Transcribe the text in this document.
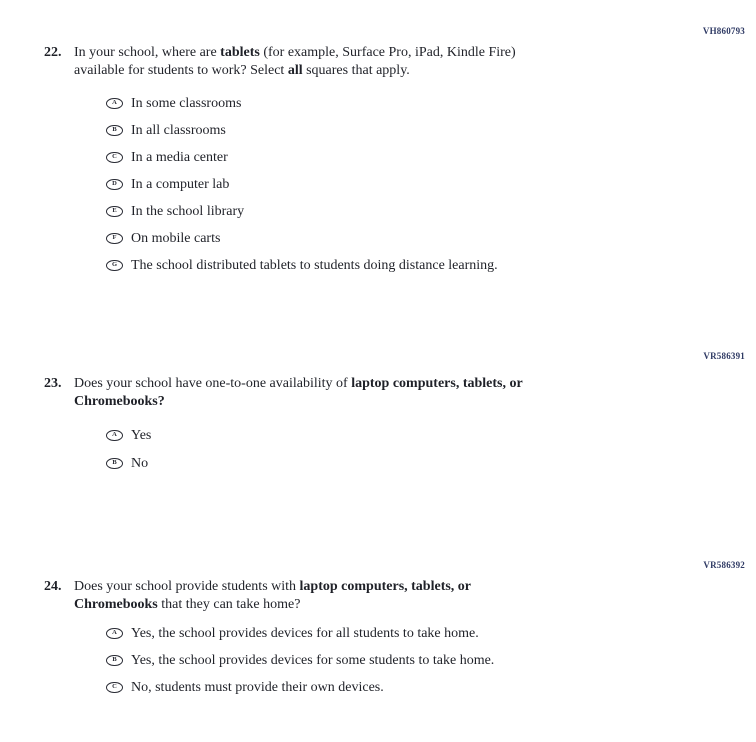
VH860793
22. In your school, where are tablets (for example, Surface Pro, iPad, Kindle Fire)
available for students to work? Select all squares that apply.
A In some classrooms
B In all classrooms
C In a media center
D In a computer lab
E In the school library
F On mobile carts
G The school distributed tablets to students doing distance learning.
VR586391
23. Does your school have one-to-one availability of laptop computers, tablets, or
Chromebooks?
A Yes
B No
VR586392
24. Does your school provide students with laptop computers, tablets, or
Chromebooks that they can take home?
A Yes, the school provides devices for all students to take home.
B Yes, the school provides devices for some students to take home.
C No, students must provide their own devices.
